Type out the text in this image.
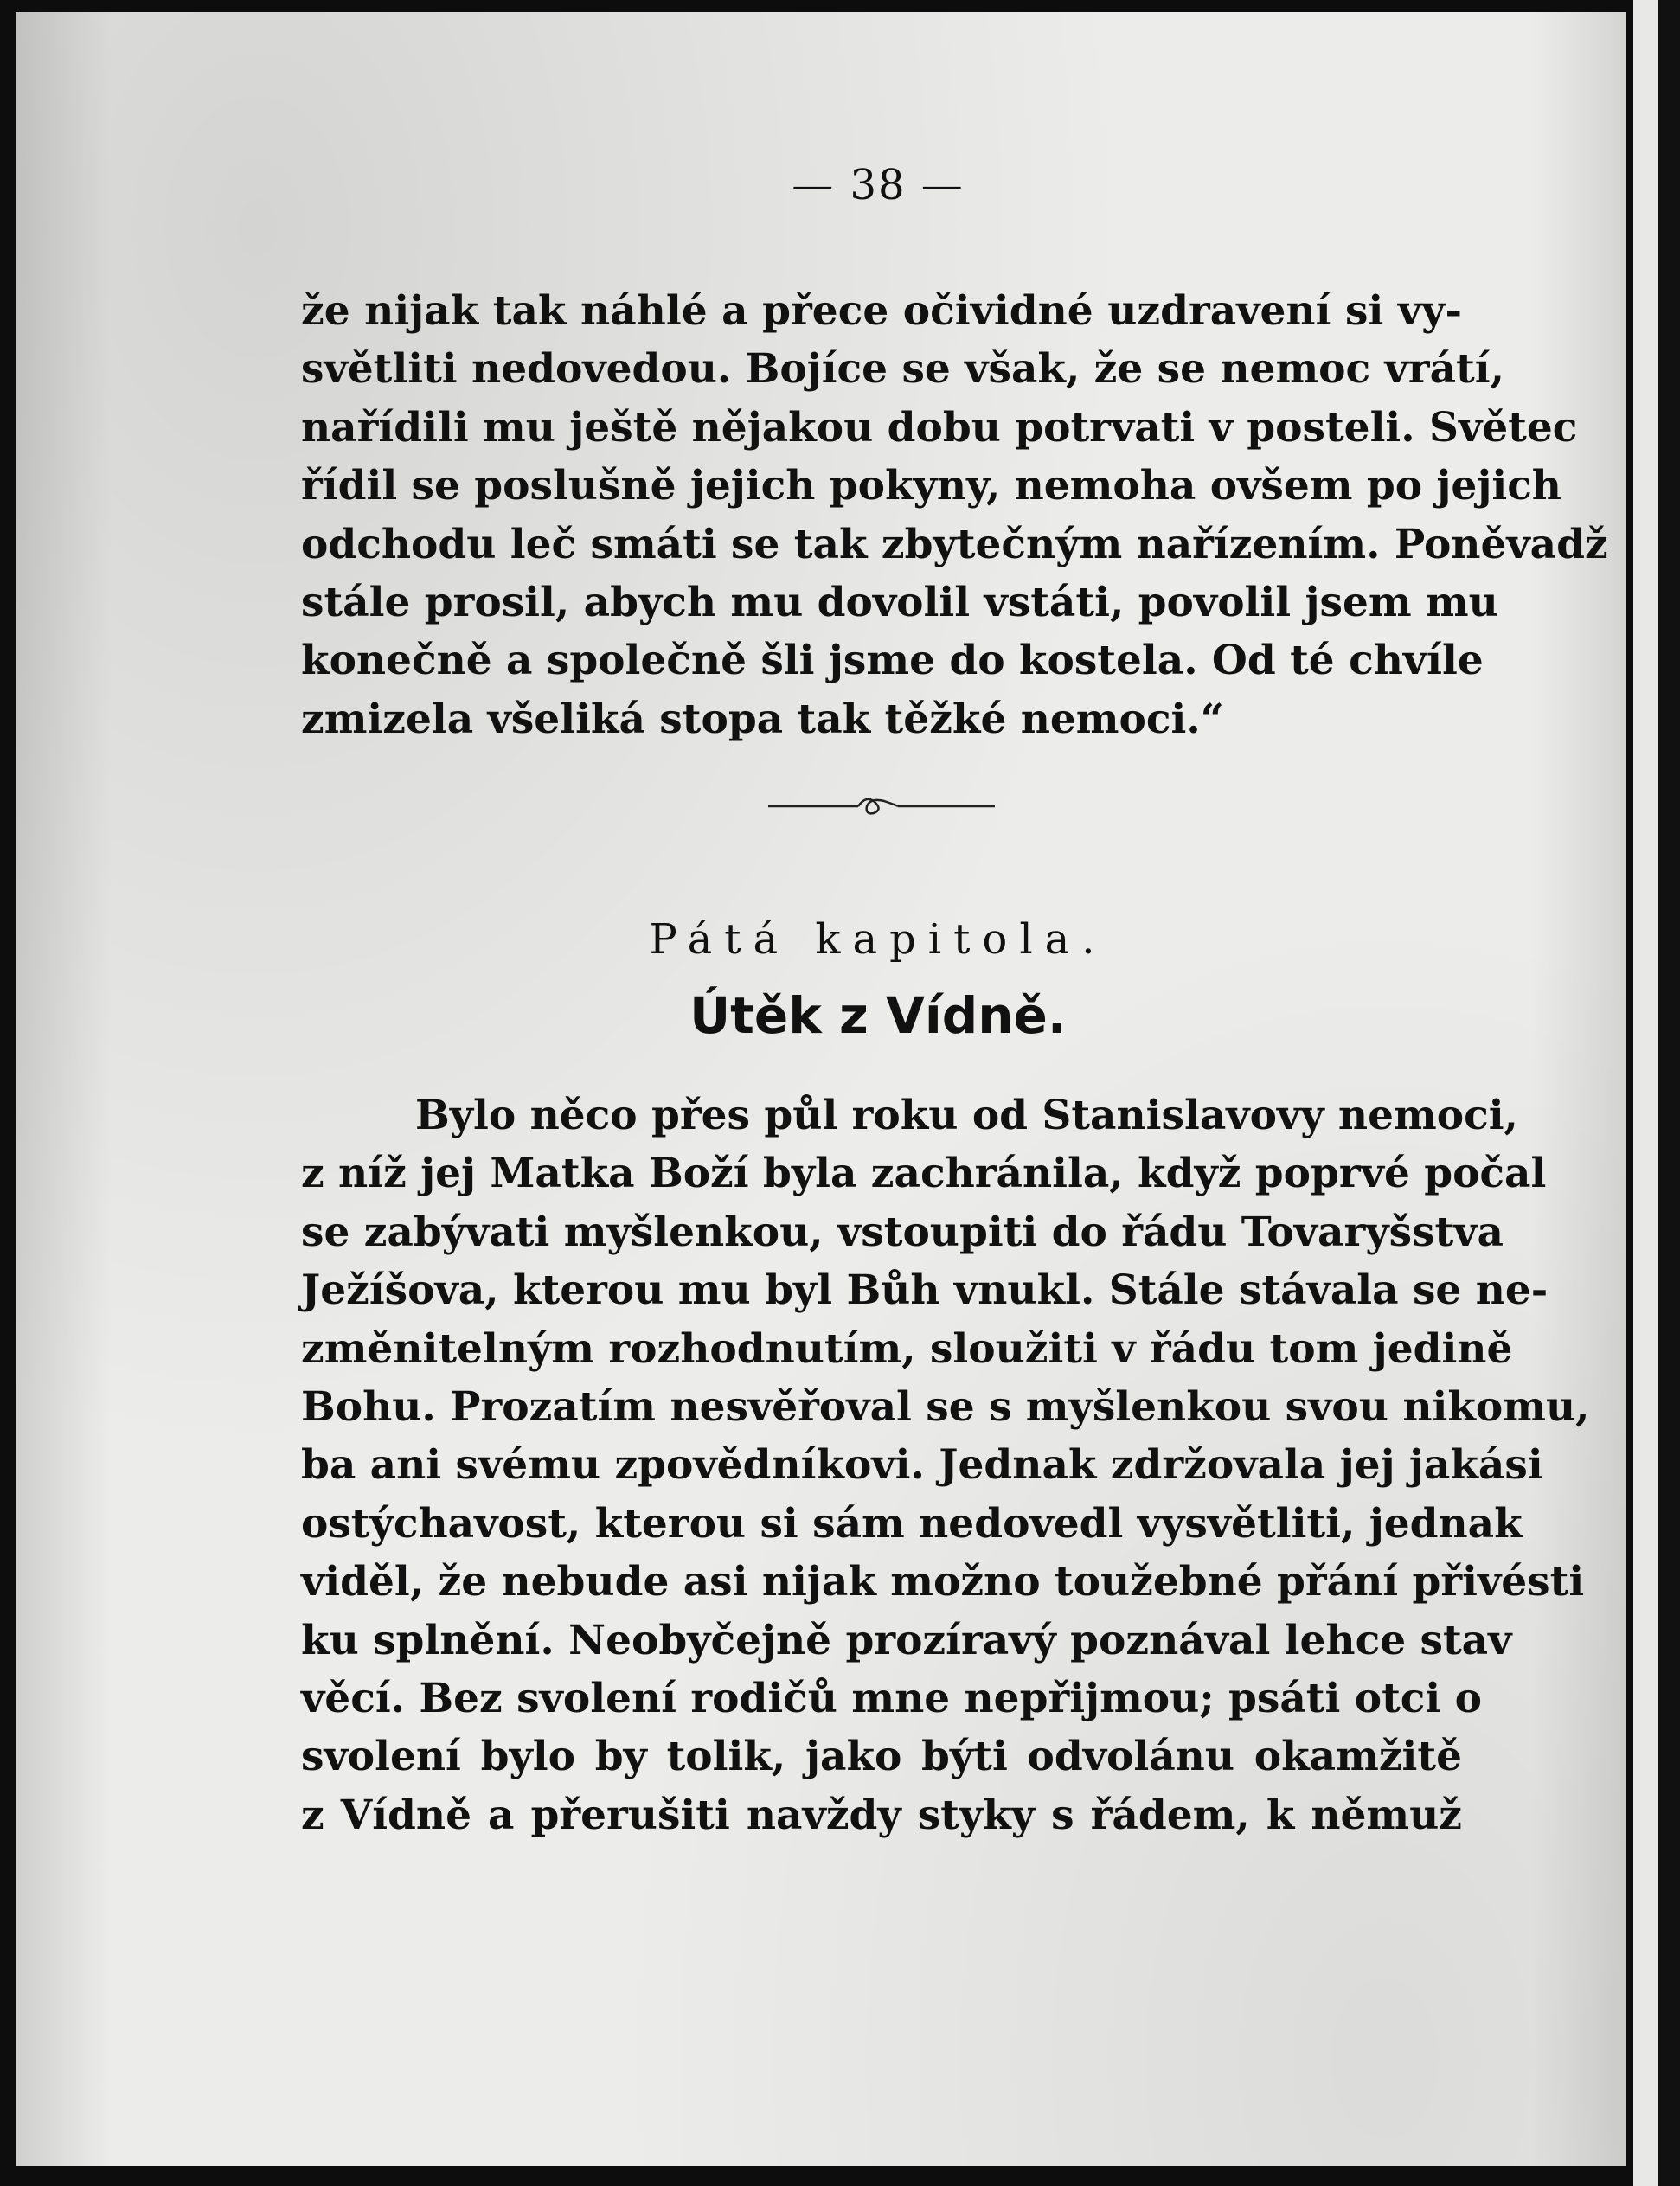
— 38 —
že nijak tak náhlé a přece očividné uzdravení si vy-
světliti nedovedou. Bojíce se však, že se nemoc vrátí,
nařídili mu ještě nějakou dobu potrvati v posteli. Světec
řídil se poslušně jejich pokyny, nemoha ovšem po jejich
odchodu leč smáti se tak zbytečným nařízením. Poněvadž
stále prosil, abych mu dovolil vstáti, povolil jsem mu
konečně a společně šli jsme do kostela. Od té chvíle
zmizela všeliká stopa tak těžké nemoci.“
Pátá kapitola.
Útěk z Vídně.
Bylo něco přes půl roku od Stanislavovy nemoci,
z níž jej Matka Boží byla zachránila, když poprvé počal
se zabývati myšlenkou, vstoupiti do řádu Tovaryšstva
Ježíšova, kterou mu byl Bůh vnukl. Stále stávala se ne-
změnitelným rozhodnutím, sloužiti v řádu tom jedině
Bohu. Prozatím nesvěřoval se s myšlenkou svou nikomu,
ba ani svému zpovědníkovi. Jednak zdržovala jej jakási
ostýchavost, kterou si sám nedovedl vysvětliti, jednak
viděl, že nebude asi nijak možno toužebné přání přivésti
ku splnění. Neobyčejně prozíravý poznával lehce stav
věcí. Bez svolení rodičů mne nepřijmou; psáti otci o
svolení bylo by tolik, jako býti odvolánu okamžitě
z Vídně a přerušiti navždy styky s řádem, k němuž
